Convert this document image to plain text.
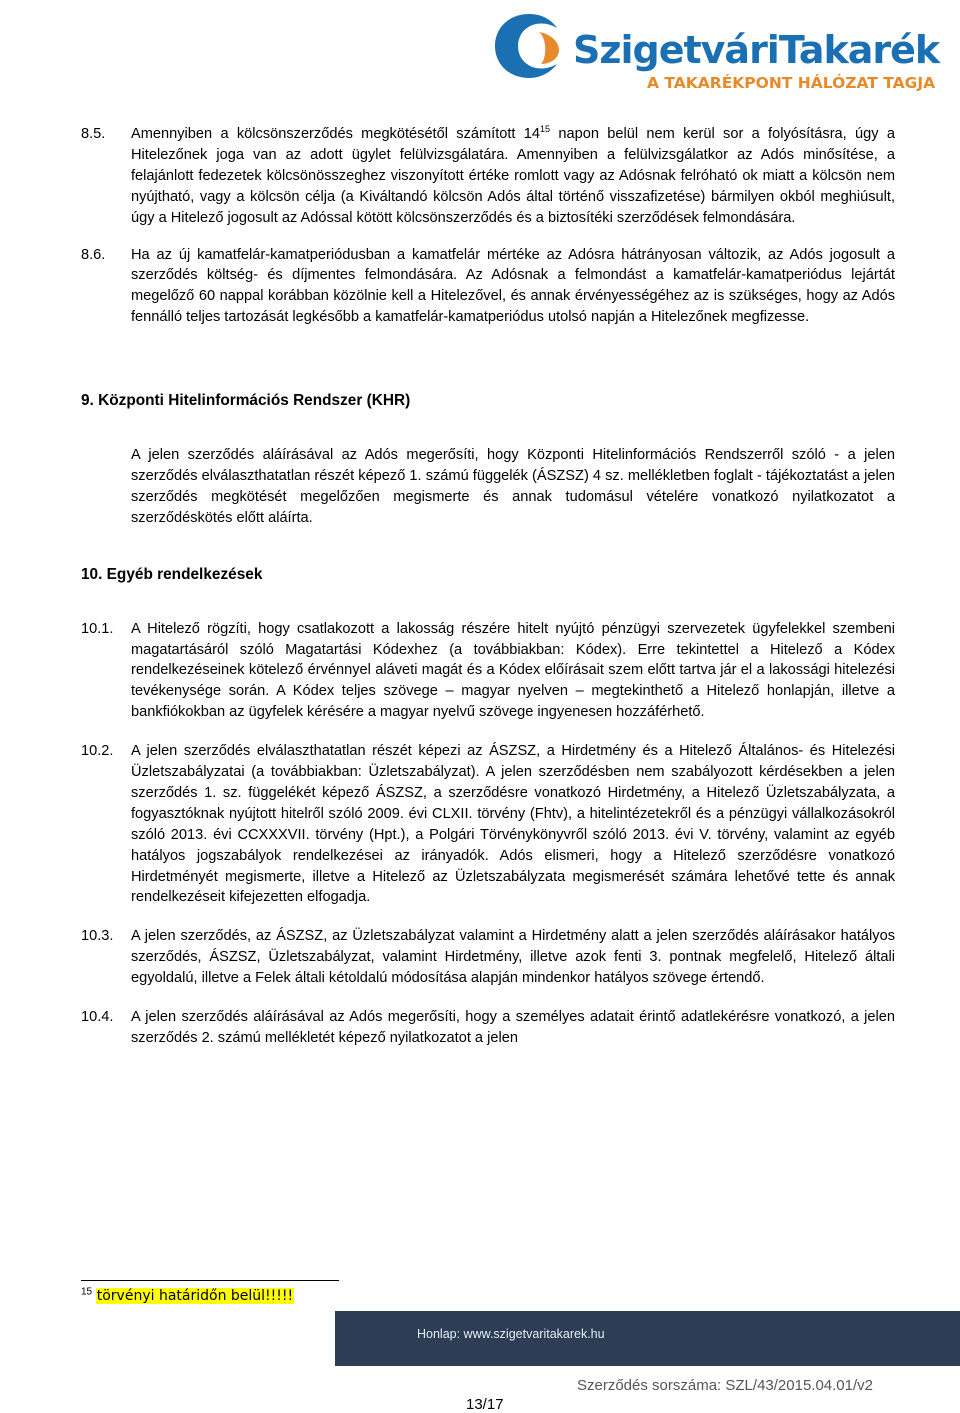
SzigetváriTakarék
A TAKARÉKPONT HÁLÓZAT TAGJA
8.5.	Amennyiben a kölcsönszerződés megkötésétől számított $14^{15}$ napon belül nem kerül sor a folyósításra, úgy a Hitelezőnek joga van az adott ügylet felülvizsgálatára. Amennyiben a felülvizsgálatkor az Adós minősítése, a felajánlott fedezetek kölcsönösszeghez viszonyított értéke romlott vagy az Adósnak felróható ok miatt a kölcsön nem nyújtható, vagy a kölcsön célja (a Kiváltandó kölcsön Adós által történő visszafizetése) bármilyen okból meghiúsult, úgy a Hitelező jogosult az Adóssal kötött kölcsönszerződés és a biztosítéki szerződések felmondására.
8.6.	Ha az új kamatfelár-kamatperiódusban a kamatfelár mértéke az Adósra hátrányosan változik, az Adós jogosult a szerződés költség- és díjmentes felmondására. Az Adósnak a felmondást a kamatfelár-kamatperiódus lejártát megelőző 60 nappal korábban közölnie kell a Hitelezővel, és annak érvényességéhez az is szükséges, hogy az Adós fennálló teljes tartozását legkésőbb a kamatfelár-kamatperiódus utolsó napján a Hitelezőnek megfizesse.
9. Központi Hitelinformációs Rendszer (KHR)
A jelen szerződés aláírásával az Adós megerősíti, hogy Központi Hitelinformációs Rendszerről szóló - a jelen szerződés elválaszthatatlan részét képező 1. számú függelék (ÁSZSZ) 4 sz. mellékletben foglalt - tájékoztatást a jelen szerződés megkötését megelőzően megismerte és annak tudomásul vételére vonatkozó nyilatkozatot a szerződéskötés előtt aláírta.
10. Egyéb rendelkezések
10.1.	A Hitelező rögzíti, hogy csatlakozott a lakosság részére hitelt nyújtó pénzügyi szervezetek ügyfelekkel szembeni magatartásáról szóló Magatartási Kódexhez (a továbbiakban: Kódex). Erre tekintettel a Hitelező a Kódex rendelkezéseinek kötelező érvénnyel aláveti magát és a Kódex előírásait szem előtt tartva jár el a lakossági hitelezési tevékenysége során. A Kódex teljes szövege – magyar nyelven – megtekinthető a Hitelező honlapján, illetve a bankfiókokban az ügyfelek kérésére a magyar nyelvű szövege ingyenesen hozzáférhető.
10.2.	A jelen szerződés elválaszthatatlan részét képezi az ÁSZSZ, a Hirdetmény és a Hitelező Általános- és Hitelezési Üzletszabályzatai (a továbbiakban: Üzletszabályzat). A jelen szerződésben nem szabályozott kérdésekben a jelen szerződés 1. sz. függelékét képező ÁSZSZ, a szerződésre vonatkozó Hirdetmény, a Hitelező Üzletszabályzata, a fogyasztóknak nyújtott hitelről szóló 2009. évi CLXII. törvény (Fhtv), a hitelintézetekről és a pénzügyi vállalkozásokról szóló 2013. évi CCXXXVII. törvény (Hpt.), a Polgári Törvénykönyvről szóló 2013. évi V. törvény, valamint az egyéb hatályos jogszabályok rendelkezései az irányadók. Adós elismeri, hogy a Hitelező szerződésre vonatkozó Hirdetményét megismerte, illetve a Hitelező az Üzletszabályzata megismerését számára lehetővé tette és annak rendelkezéseit kifejezetten elfogadja.
10.3.	A jelen szerződés, az ÁSZSZ, az Üzletszabályzat valamint a Hirdetmény alatt a jelen szerződés aláírásakor hatályos szerződés, ÁSZSZ, Üzletszabályzat, valamint Hirdetmény, illetve azok fenti 3. pontnak megfelelő, Hitelező általi egyoldalú, illetve a Felek általi kétoldalú módosítása alapján mindenkor hatályos szövege értendő.
10.4.	A jelen szerződés aláírásával az Adós megerősíti, hogy a személyes adatait érintő adatlekérésre vonatkozó, a jelen szerződés 2. számú mellékletét képező nyilatkozatot a jelen
$^{15}$ törvényi határidőn belül!!!!!
Honlap: www.szigetvaritakarek.hu
Szerződés sorszáma: SZL/43/2015.04.01/v2
13/17
